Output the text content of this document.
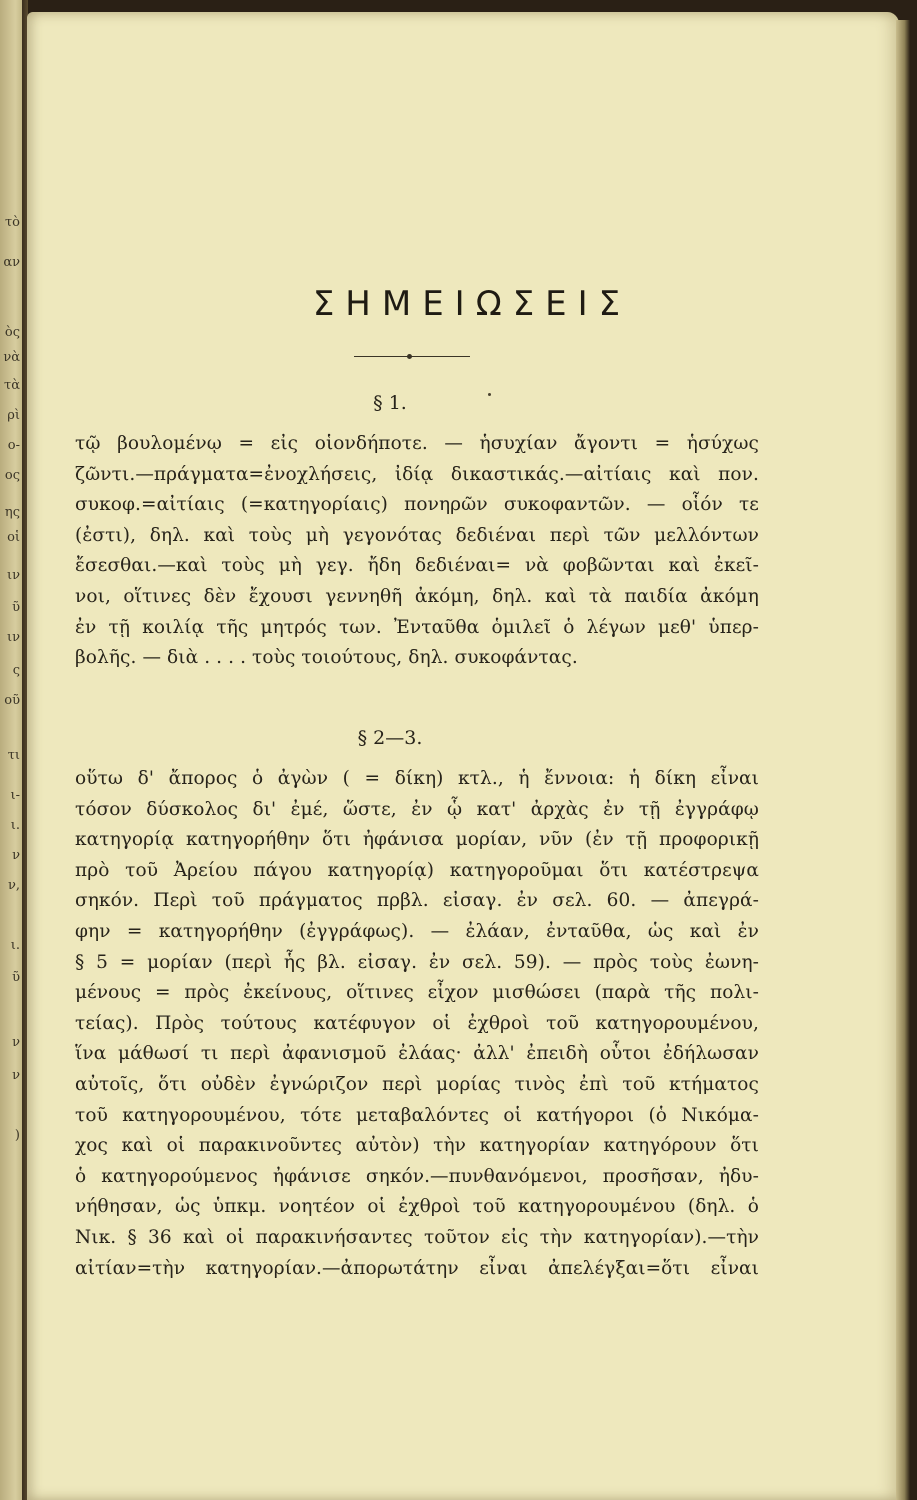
τὸ
αν
ὸς
νὰ
τὰ
ρὶ
ο-
ος
ης
οἱ
ιν
ῦ
ιν
ς
οῦ
τι
ι-
ι.
ν
ν,
ι.
ῦ
ν
ν
)
ΣΗΜΕΙΩΣΕΙΣ
§ 1.
τῷ βουλομένῳ = εἰς οἱονδήποτε. — ἡσυχίαν ἄγοντι = ἡσύχως
ζῶντι.—πράγματα=ἐνοχλήσεις, ἰδίᾳ δικαστικάς.—αἰτίαις καὶ πον.
συκοφ.=αἰτίαις (=κατηγορίαις) πονηρῶν συκοφαντῶν. — οἷόν τε
(ἐστι), δηλ. καὶ τοὺς μὴ γεγονότας δεδιέναι περὶ τῶν μελλόντων
ἔσεσθαι.—καὶ τοὺς μὴ γεγ. ἤδη δεδιέναι= νὰ φοβῶνται καὶ ἐκεῖ-
νοι, οἵτινες δὲν ἔχουσι γεννηθῆ ἀκόμη, δηλ. καὶ τὰ παιδία ἀκόμη
ἐν τῇ κοιλίᾳ τῆς μητρός των. Ἐνταῦθα ὁμιλεῖ ὁ λέγων μεθ' ὑπερ-
βολῆς. — διὰ . . . . τοὺς τοιούτους, δηλ. συκοφάντας.
§ 2—3.
οὕτω δ' ἄπορος ὁ ἀγὼν ( = δίκη) κτλ., ἡ ἔννοια: ἡ δίκη εἶναι
τόσον δύσκολος δι' ἐμέ, ὥστε, ἐν ᾧ κατ' ἀρχὰς ἐν τῇ ἐγγράφῳ
κατηγορίᾳ κατηγορήθην ὅτι ἠφάνισα μορίαν, νῦν (ἐν τῇ προφορικῇ
πρὸ τοῦ Ἀρείου πάγου κατηγορίᾳ) κατηγοροῦμαι ὅτι κατέστρεψα
σηκόν. Περὶ τοῦ πράγματος πρβλ. εἰσαγ. ἐν σελ. 60. — ἀπεγρά-
φην = κατηγορήθην (ἐγγράφως). — ἐλάαν, ἐνταῦθα, ὡς καὶ ἐν
§ 5 = μορίαν (περὶ ἧς βλ. εἰσαγ. ἐν σελ. 59). — πρὸς τοὺς ἐωνη-
μένους = πρὸς ἐκείνους, οἵτινες εἶχον μισθώσει (παρὰ τῆς πολι-
τείας). Πρὸς τούτους κατέφυγον οἱ ἐχθροὶ τοῦ κατηγορουμένου,
ἵνα μάθωσί τι περὶ ἀφανισμοῦ ἐλάας· ἀλλ' ἐπειδὴ οὗτοι ἐδήλωσαν
αὐτοῖς, ὅτι οὐδὲν ἐγνώριζον περὶ μορίας τινὸς ἐπὶ τοῦ κτήματος
τοῦ κατηγορουμένου, τότε μεταβαλόντες οἱ κατήγοροι (ὁ Νικόμα-
χος καὶ οἱ παρακινοῦντες αὐτὸν) τὴν κατηγορίαν κατηγόρουν ὅτι
ὁ κατηγορούμενος ἠφάνισε σηκόν.—πυνθανόμενοι, προσῆσαν, ἠδυ-
νήθησαν, ὡς ὑπκμ. νοητέον οἱ ἐχθροὶ τοῦ κατηγορουμένου (δηλ. ὁ
Νικ. § 36 καὶ οἱ παρακινήσαντες τοῦτον εἰς τὴν κατηγορίαν).—τὴν
αἰτίαν=τὴν κατηγορίαν.—ἀπορωτάτην εἶναι ἀπελέγξαι=ὅτι εἶναι
